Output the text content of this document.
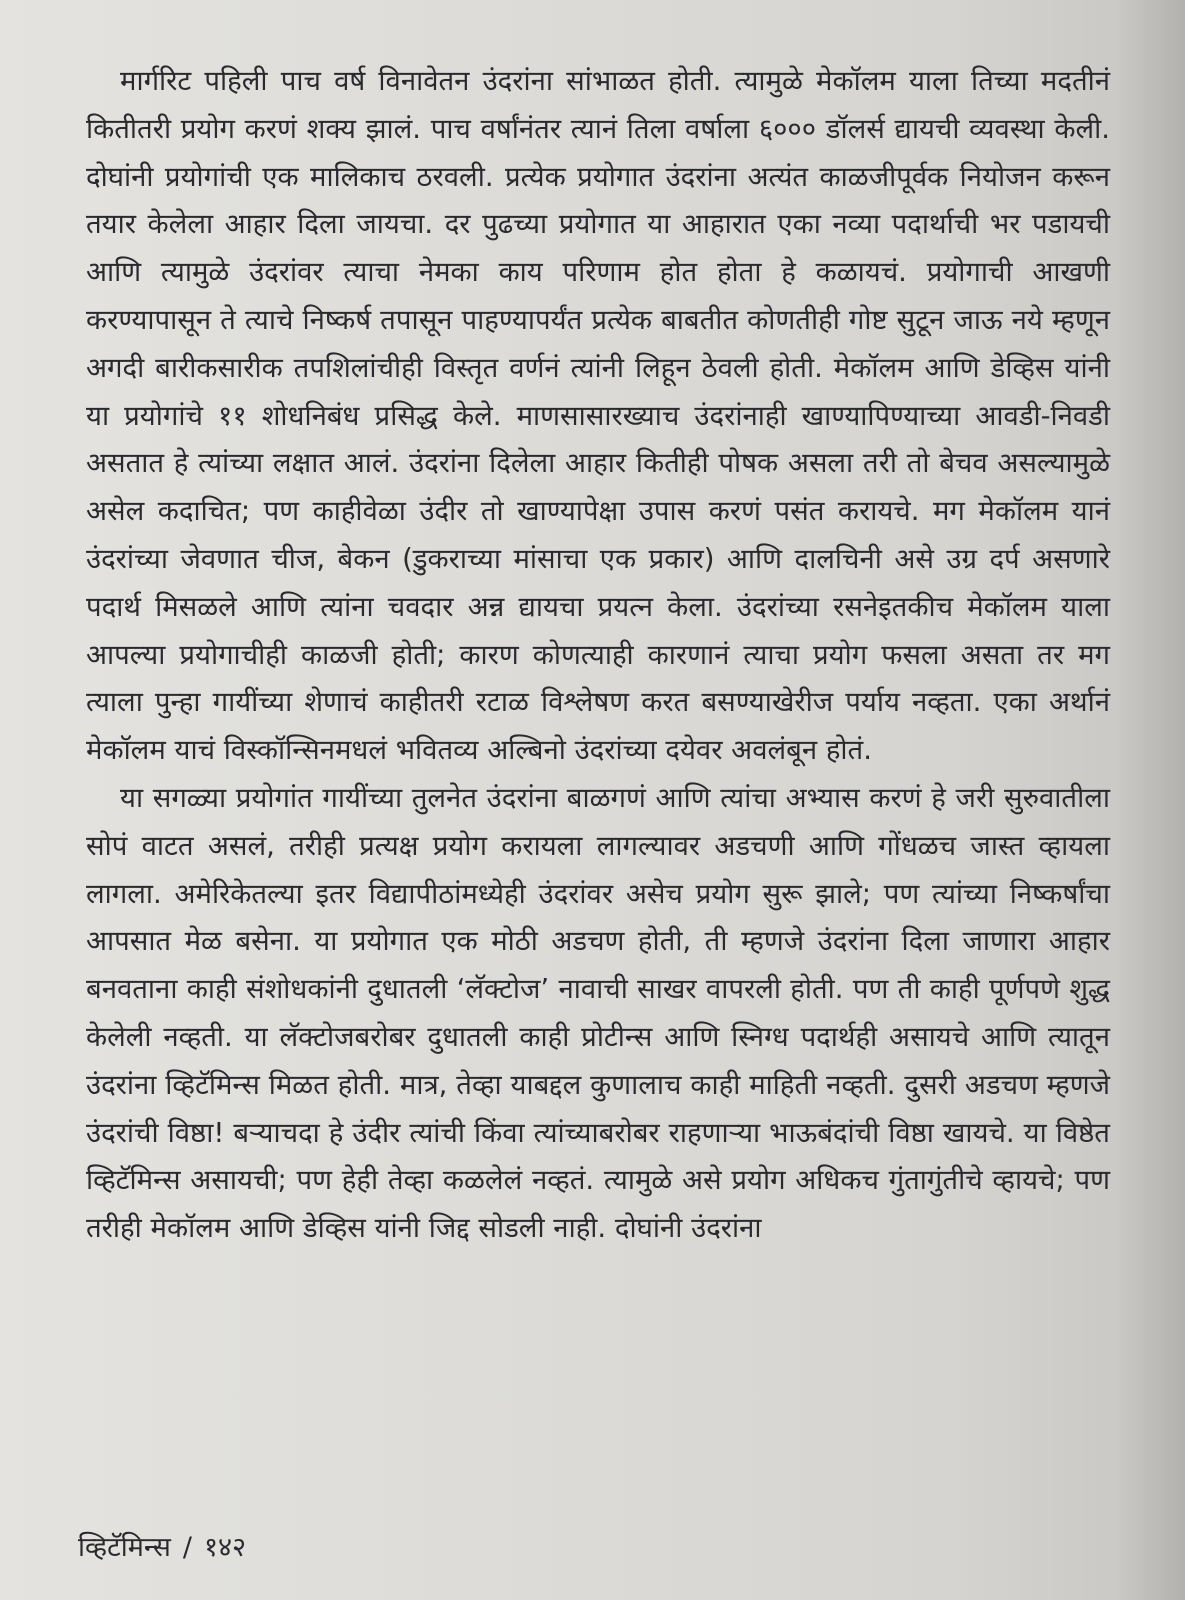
मार्गरिट पहिली पाच वर्ष विनावेतन उंदरांना सांभाळत होती. त्यामुळे मेकॉलम याला तिच्या मदतीनं कितीतरी प्रयोग करणं शक्य झालं. पाच वर्षांनंतर त्यानं तिला वर्षाला ६००० डॉलर्स द्यायची व्यवस्था केली. दोघांनी प्रयोगांची एक मालिकाच ठरवली. प्रत्येक प्रयोगात उंदरांना अत्यंत काळजीपूर्वक नियोजन करून तयार केलेला आहार दिला जायचा. दर पुढच्या प्रयोगात या आहारात एका नव्या पदार्थाची भर पडायची आणि त्यामुळे उंदरांवर त्याचा नेमका काय परिणाम होत होता हे कळायचं. प्रयोगाची आखणी करण्यापासून ते त्याचे निष्कर्ष तपासून पाहण्यापर्यंत प्रत्येक बाबतीत कोणतीही गोष्ट सुटून जाऊ नये म्हणून अगदी बारीकसारीक तपशिलांचीही विस्तृत वर्णनं त्यांनी लिहून ठेवली होती. मेकॉलम आणि डेव्हिस यांनी या प्रयोगांचे ११ शोधनिबंध प्रसिद्ध केले. माणसासारख्याच उंदरांनाही खाण्यापिण्याच्या आवडी-निवडी असतात हे त्यांच्या लक्षात आलं. उंदरांना दिलेला आहार कितीही पोषक असला तरी तो बेचव असल्यामुळे असेल कदाचित; पण काहीवेळा उंदीर तो खाण्यापेक्षा उपास करणं पसंत करायचे. मग मेकॉलम यानं उंदरांच्या जेवणात चीज, बेकन (डुकराच्या मांसाचा एक प्रकार) आणि दालचिनी असे उग्र दर्प असणारे पदार्थ मिसळले आणि त्यांना चवदार अन्न द्यायचा प्रयत्न केला. उंदरांच्या रसनेइतकीच मेकॉलम याला आपल्या प्रयोगाचीही काळजी होती; कारण कोणत्याही कारणानं त्याचा प्रयोग फसला असता तर मग त्याला पुन्हा गायींच्या शेणाचं काहीतरी रटाळ विश्लेषण करत बसण्याखेरीज पर्याय नव्हता. एका अर्थानं मेकॉलम याचं विस्कॉन्सिनमधलं भवितव्य अल्बिनो उंदरांच्या दयेवर अवलंबून होतं.

या सगळ्या प्रयोगांत गायींच्या तुलनेत उंदरांना बाळगणं आणि त्यांचा अभ्यास करणं हे जरी सुरुवातीला सोपं वाटत असलं, तरीही प्रत्यक्ष प्रयोग करायला लागल्यावर अडचणी आणि गोंधळच जास्त व्हायला लागला. अमेरिकेतल्या इतर विद्यापीठांमध्येही उंदरांवर असेच प्रयोग सुरू झाले; पण त्यांच्या निष्कर्षांचा आपसात मेळ बसेना. या प्रयोगात एक मोठी अडचण होती, ती म्हणजे उंदरांना दिला जाणारा आहार बनवताना काही संशोधकांनी दुधातली ‘लॅक्टोज’ नावाची साखर वापरली होती. पण ती काही पूर्णपणे शुद्ध केलेली नव्हती. या लॅक्टोजबरोबर दुधातली काही प्रोटीन्स आणि स्निग्ध पदार्थही असायचे आणि त्यातून उंदरांना व्हिटॅमिन्स मिळत होती. मात्र, तेव्हा याबद्दल कुणालाच काही माहिती नव्हती. दुसरी अडचण म्हणजे उंदरांची विष्ठा! बऱ्याचदा हे उंदीर त्यांची किंवा त्यांच्याबरोबर राहणाऱ्या भाऊबंदांची विष्ठा खायचे. या विष्ठेत व्हिटॅमिन्स असायची; पण हेही तेव्हा कळलेलं नव्हतं. त्यामुळे असे प्रयोग अधिकच गुंतागुंतीचे व्हायचे; पण तरीही मेकॉलम आणि डेव्हिस यांनी जिद्द सोडली नाही. दोघांनी उंदरांना

व्हिटॅमिन्स / १४२
